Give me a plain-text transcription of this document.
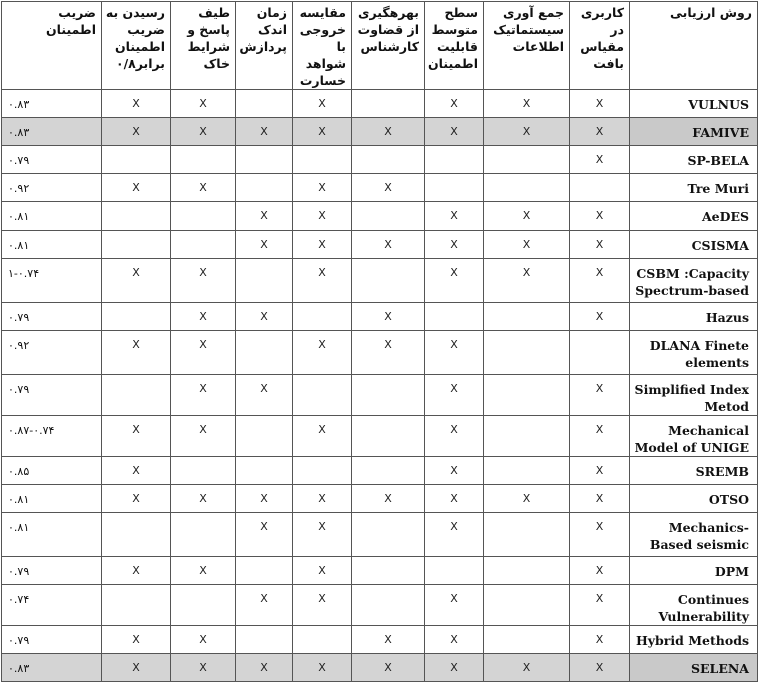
روش ارزیابی	کاربری در مقیاس بافت	جمع آوری سیستماتیک اطلاعات	سطح متوسط قابلیت اطمینان	بهرهگیری از قضاوت کارشناس	مقایسه خروجی با شواهد خسارت	زمان اندک پردازش	طیف پاسخ و شرایط خاک	رسیدن به ضریب اطمینان برابر۰/۸	ضریب اطمینان
VULNUS	X	X	X		X		X	X	۰.۸۳
FAMIVE	X	X	X	X	X	X	X	X	۰.۸۳
SP-BELA	X								۰.۷۹
Tre Muri				X	X		X	X	۰.۹۲
AeDES	X	X	X		X	X			۰.۸۱
CSISMA	X	X	X	X	X	X			۰.۸۱
CSBM :Capacity Spectrum-based	X	X	X		X		X	X	۱-۰.۷۴
Hazus	X			X		X	X		۰.۷۹
DLANA Finete elements			X	X	X		X	X	۰.۹۲
Simplified Index Metod	X		X			X	X		۰.۷۹
Mechanical Model of UNIGE	X		X		X		X	X	۰.۸۷-۰.۷۴
SREMB	X		X					X	۰.۸۵
OTSO	X	X	X	X	X	X	X	X	۰.۸۱
Mechanics-Based seismic	X		X		X	X			۰.۸۱
DPM	X				X		X	X	۰.۷۹
Continues Vulnerability	X		X		X	X			۰.۷۴
Hybrid Methods	X		X	X			X	X	۰.۷۹
SELENA	X	X	X	X	X	X	X	X	۰.۸۳
